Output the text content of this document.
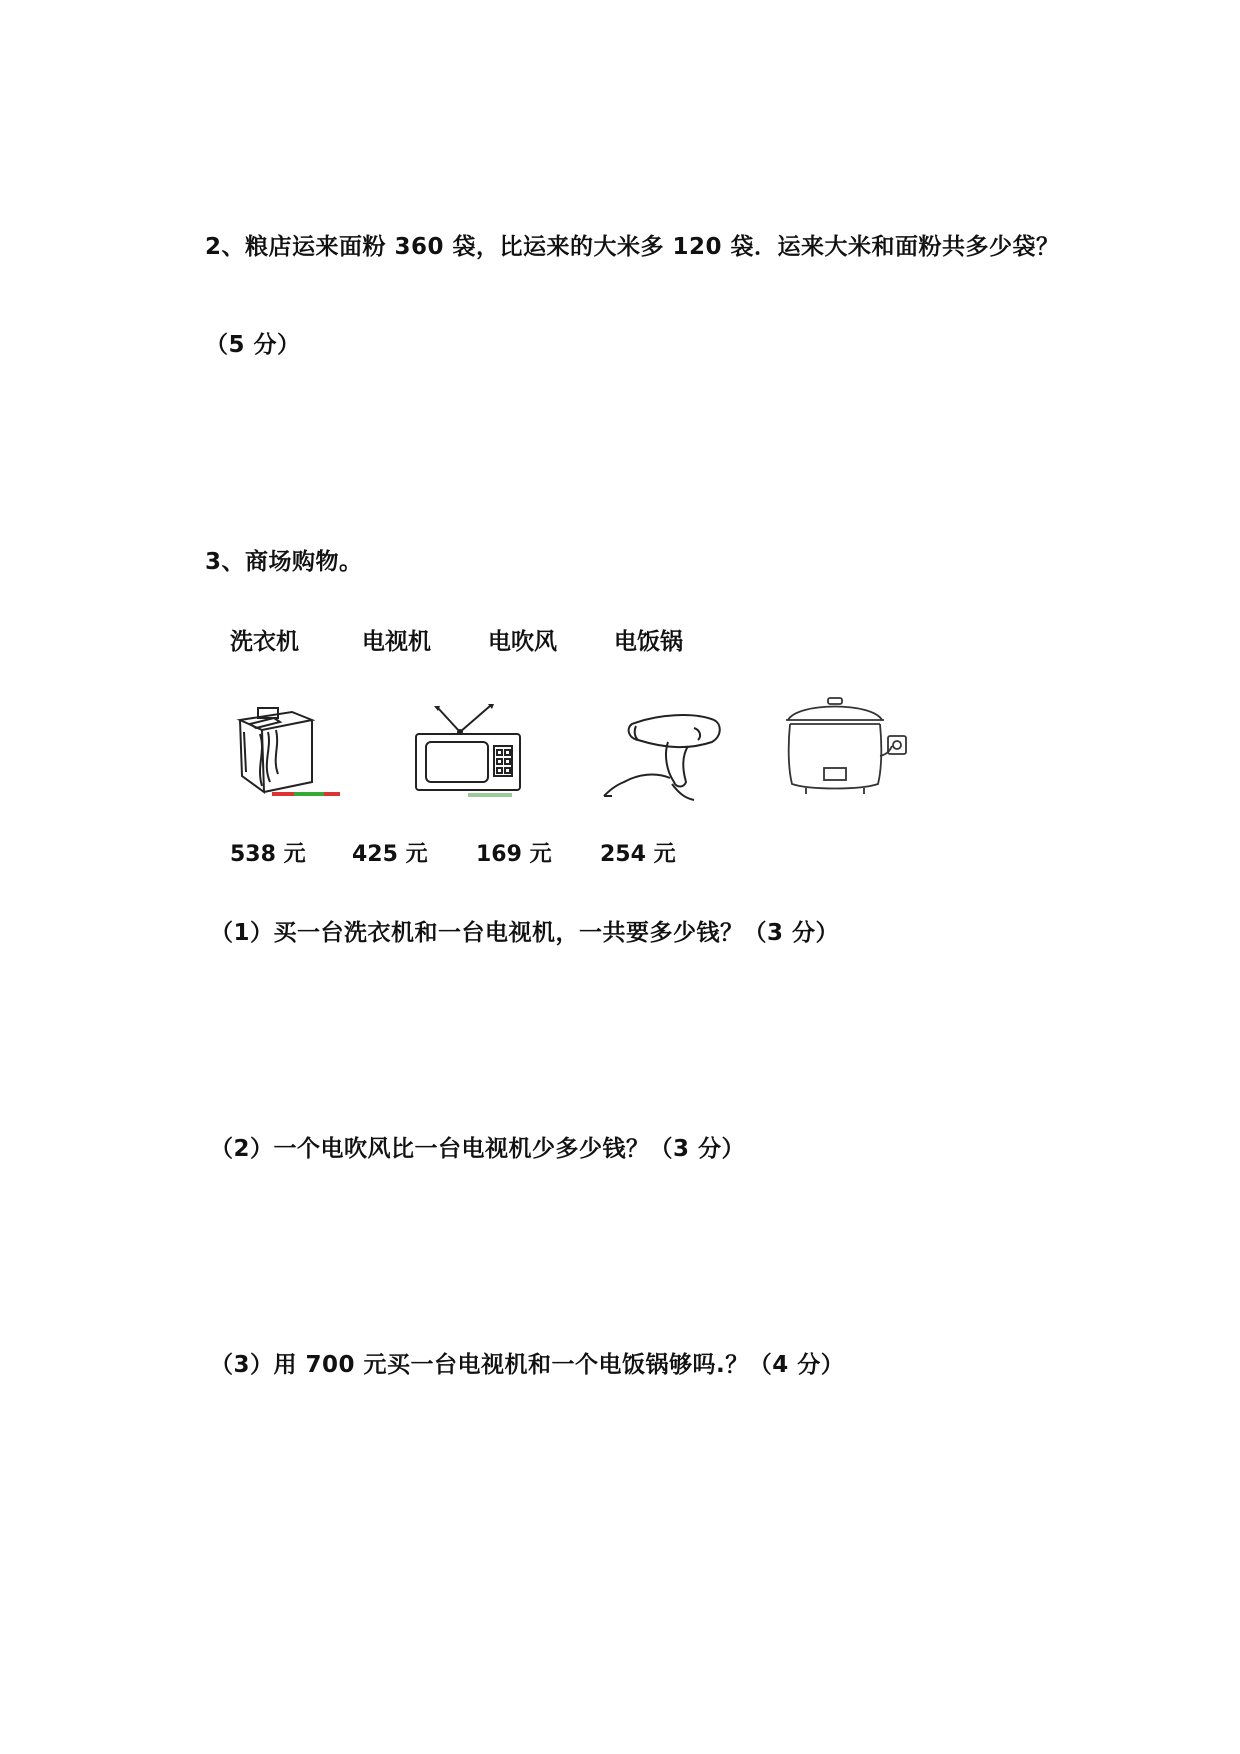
2、粮店运来面粉 360 袋，比运来的大米多 120 袋．运来大米和面粉共多少袋？
（5 分）
3、商场购物。
洗衣机	电视机 电吹风 电饭锅
538 元 425 元 169 元 254 元
（1）买一台洗衣机和一台电视机，一共要多少钱？（3 分）
（2）一个电吹风比一台电视机少多少钱？（3 分）
（3）用 700 元买一台电视机和一个电饭锅够吗.？（4 分）
